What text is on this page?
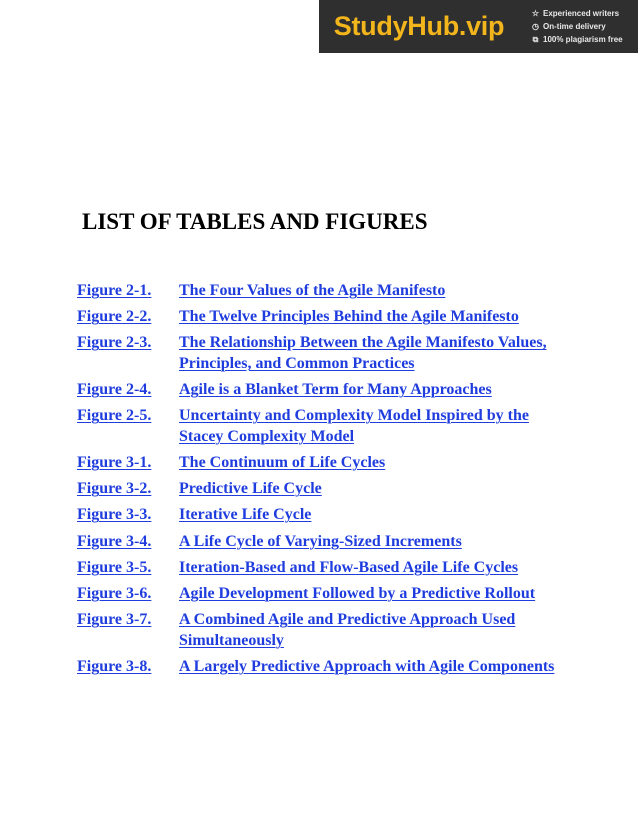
Study Hub .vip	☆ Experienced writers
◷ On-time delivery
⧉ 100% plagiarism free
LIST OF TABLES AND FIGURES
Figure 2-1.	The Four Values of the Agile Manifesto
Figure 2-2.	The Twelve Principles Behind the Agile Manifesto
Figure 2-3.	The Relationship Between the Agile Manifesto Values, Principles, and Common Practices
Figure 2-4.	Agile is a Blanket Term for Many Approaches
Figure 2-5.	Uncertainty and Complexity Model Inspired by the Stacey Complexity Model
Figure 3-1.	The Continuum of Life Cycles
Figure 3-2.	Predictive Life Cycle
Figure 3-3.	Iterative Life Cycle
Figure 3-4.	A Life Cycle of Varying-Sized Increments
Figure 3-5.	Iteration-Based and Flow-Based Agile Life Cycles
Figure 3-6.	Agile Development Followed by a Predictive Rollout
Figure 3-7.	A Combined Agile and Predictive Approach Used Simultaneously
Figure 3-8.	A Largely Predictive Approach with Agile Components
